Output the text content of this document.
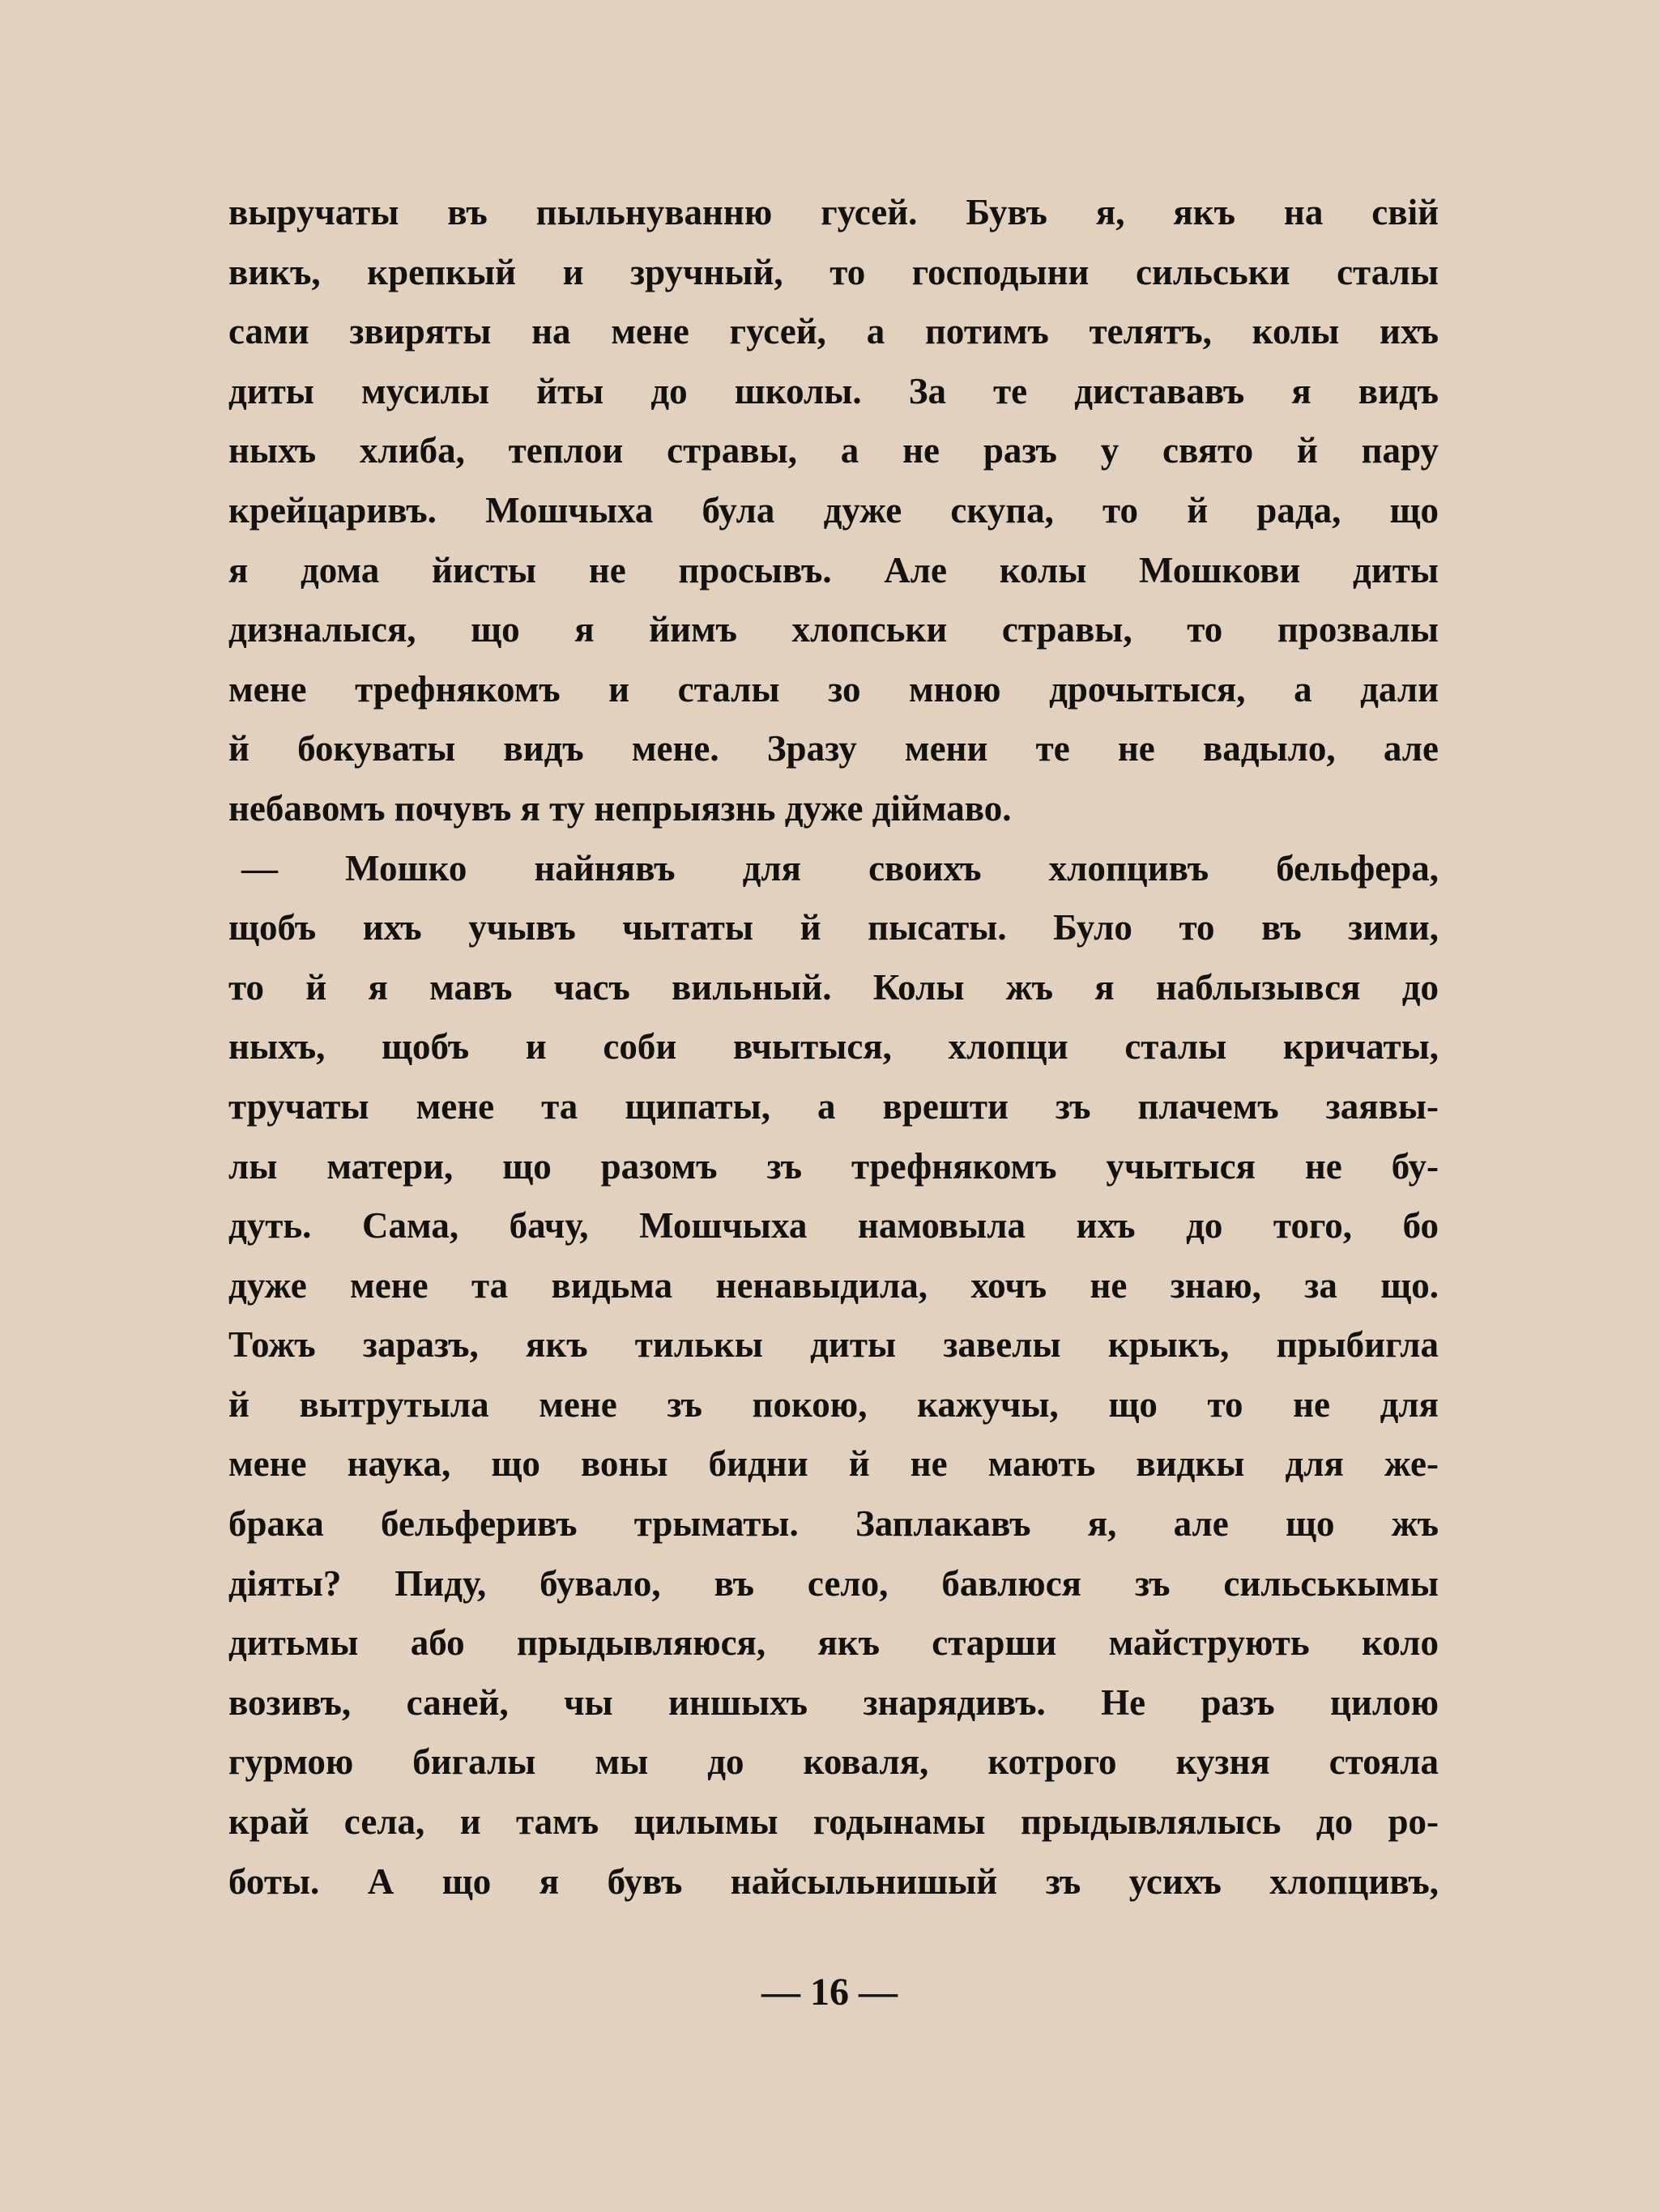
выручаты въ пыльнуванню гусей. Бувъ я, якъ на свій
викъ, крепкый и зручный, то господыни сильськи сталы
сами звиряты на мене гусей, а потимъ телятъ, колы ихъ
диты мусилы йты до школы. За те дистававъ я видъ
ныхъ хлиба, теплои стравы, а не разъ у свято й пару
крейцаривъ. Мошчыха була дуже скупа, то й рада, що
я дома йисты не просывъ. Але колы Мошкови диты
дизналыся, що я йимъ хлопськи стравы, то прозвалы
мене трефнякомъ и сталы зо мною дрочытыся, а дали
й бокуваты видъ мене. Зразу мени те не вадыло, але
небавомъ почувъ я ту непрыязнь дуже діймаво.
— Мошко найнявъ для своихъ хлопцивъ бельфера,
щобъ ихъ учывъ чытаты й пысаты. Було то въ зими,
то й я мавъ часъ вильный. Колы жъ я наблызывся до
ныхъ, щобъ и соби вчытыся, хлопци сталы кричаты,
тручаты мене та щипаты, а врешти зъ плачемъ заявы-
лы матери, що разомъ зъ трефнякомъ учытыся не бу-
дуть. Сама, бачу, Мошчыха намовыла ихъ до того, бо
дуже мене та видьма ненавыдила, хочъ не знаю, за що.
Тожъ заразъ, якъ тилькы диты завелы крыкъ, прыбигла
й вытрутыла мене зъ покою, кажучы, що то не для
мене наука, що воны бидни й не мають видкы для же-
брака бельферивъ трыматы. Заплакавъ я, але що жъ
діяты? Пиду, бувало, въ село, бавлюся зъ сильськымы
дитьмы або прыдывляюся, якъ старши майструють коло
возивъ, саней, чы иншыхъ знарядивъ. Не разъ цилою
гурмою бигалы мы до коваля, котрого кузня стояла
край села, и тамъ цилымы годынамы прыдывлялысь до ро-
боты. А що я бувъ найсыльнишый зъ усихъ хлопцивъ,
— 16 —
